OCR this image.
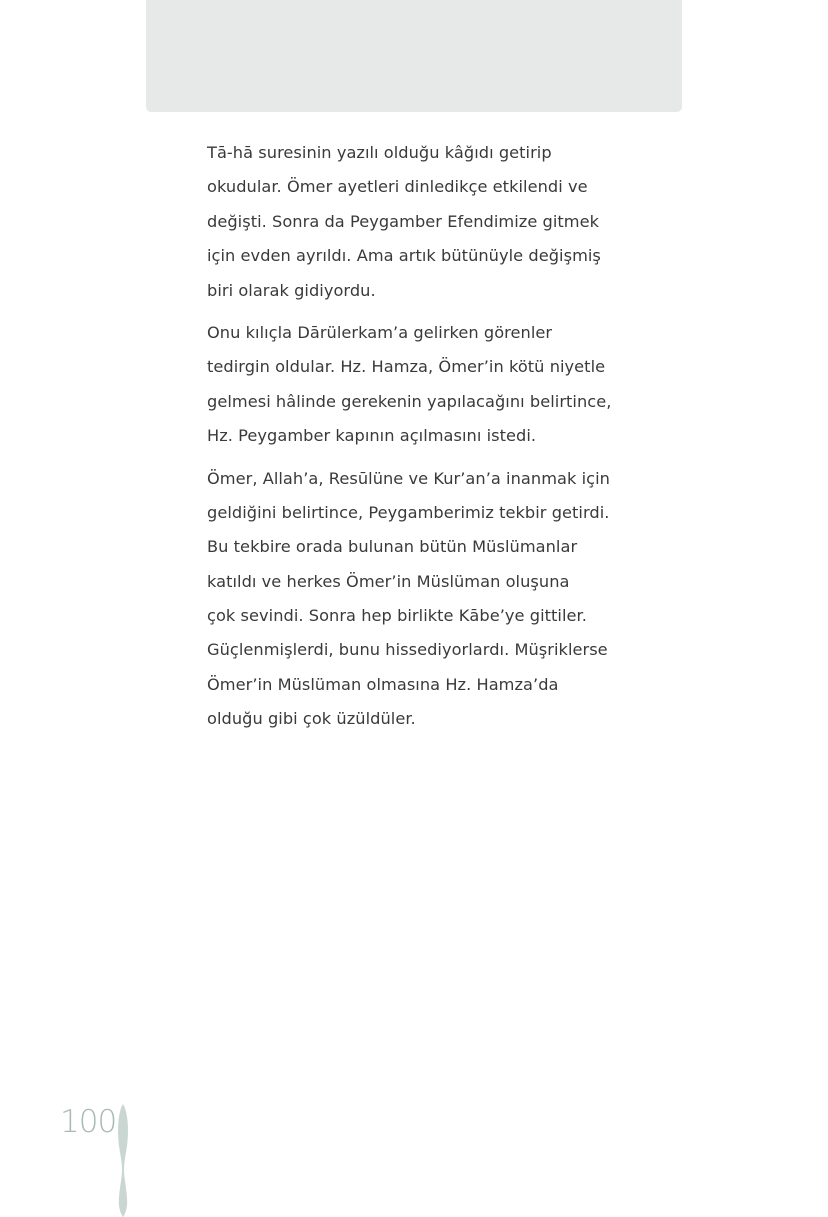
Tā-hā suresinin yazılı olduğu kâğıdı getirip
okudular. Ömer ayetleri dinledikçe etkilendi ve
değişti. Sonra da Peygamber Efendimize gitmek
için evden ayrıldı. Ama artık bütünüyle değişmiş
biri olarak gidiyordu.
Onu kılıçla Dārülerkam’a gelirken görenler
tedirgin oldular. Hz. Hamza, Ömer’in kötü niyetle
gelmesi hâlinde gerekenin yapılacağını belirtince,
Hz. Peygamber kapının açılmasını istedi.
Ömer, Allah’a, Resūlüne ve Kur’an’a inanmak için
geldiğini belirtince, Peygamberimiz tekbir getirdi.
Bu tekbire orada bulunan bütün Müslümanlar
katıldı ve herkes Ömer’in Müslüman oluşuna
çok sevindi. Sonra hep birlikte Kābe’ye gittiler.
Güçlenmişlerdi, bunu hissediyorlardı. Müşriklerse
Ömer’in Müslüman olmasına Hz. Hamza’da
olduğu gibi çok üzüldüler.
100
